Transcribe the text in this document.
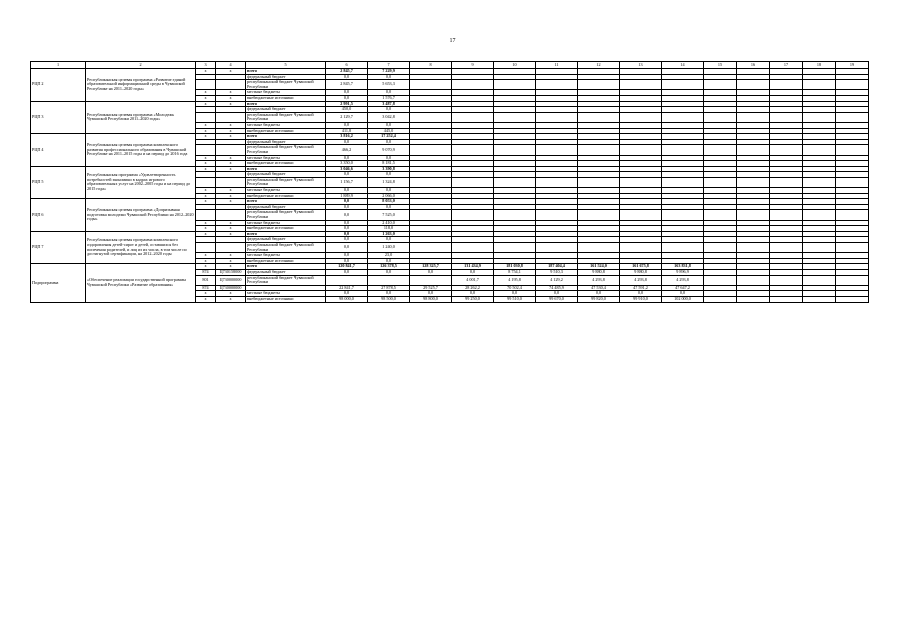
17
1	2	3	4	5	6	7	8	9	10	11	12	13	14	15	16	17	18	19
РЦП 2	Республиканская целевая программа «Развитие единой образовательной информационной среды в Чувашской Республике на 2011–2020 годы»	х	х	всего	2 845,7	7 229,9												
				федеральный бюджет	0,0	0,0												
				республиканский бюджет Чувашской Республики	2 845,7	5 653,3												
		х	х	местные бюджеты	0,0	0,0												
		х	х	внебюджетные источники	0,0	1 576,7												
РЦП 3	Республиканская целевая программа «Молодежь Чувашской Республики 2011–2020 годы»	х	х	всего	2 991,5	3 487,8												
				федеральный бюджет	450,0	0,0												
				республиканский бюджет Чувашской Республики	2 129,7	3 042,8												
		х	х	местные бюджеты	0,0	0,0												
		х	х	внебюджетные источники	411,8	445,0												
РЦП 4	Республиканская целевая программа комплексного развития профессионального образования в Чувашской Республике на 2011–2015 годы и на период до 2016 года	х	х	всего	3 816,2	17 252,4												
				федеральный бюджет	0,0	0,0												
				республиканский бюджет Чувашской Республики	466,2	9 070,9												
		х	х	местные бюджеты	0,0	0,0												
		х	х	внебюджетные источники	3 350,0	8 181,5												
РЦП 5	Республиканская программа «Удовлетворенность потребностей экономики в кадрах игрового образовательных услуг на 2002–2005 годы и на период до 2015 года»	х	х	всего	3 046,6	3 390,8												
				федеральный бюджет	0,0	0,0												
				республиканский бюджет Чувашской Республики	1 156,7	1 324,8												
		х	х	местные бюджеты	0,0	0,0												
		х	х	внебюджетные источники	1 889,9	2 066,0												
РЦП 6	Республиканская целевая программа «Допризывная подготовка молодежи Чувашской Республики на 2012–2020 годы»	х	х	всего	0,0	8 053,0												
				федеральный бюджет	0,0	0,0												
				республиканский бюджет Чувашской Республики	0,0	7 525,0												
		х	х	местные бюджеты	0,0	2 410,0												
		х	х	внебюджетные источники	0,0	118,0												
РЦП 7	Республиканская целевая программа комплексного оздоровления детей-сирот и детей, оставшихся без попечения родителей, и лиц из их числа, в том числе по достигнутой сертификации, на 2012–2020 годы	х	х	всего	0,0	1 263,0												
				федеральный бюджет	0,0	0,0												
				республиканский бюджет Чувашской Республики	0,0	1 240,0												
		х	х	местные бюджеты	0,0	23,0												
		х	х	внебюджетные источники	0,0	0,0												
Подпрограмма	«Обеспечение реализации государственной программы Чувашской Республики «Развитие образования»	х	х	всего	120 841,7	126 378,5	128 325,7	131 434,9	181 030,8	187 404,4	161 524,0	161 675,8	163 831,8					
		874	Ц730158000	федеральный бюджет	0,0	0,0	0,0	0,0	8 754,1	9 510,3	9 880,8	9 880,8	9 896,9					
		801	Ц730000000	республиканский бюджет Чувашской Республики				4 001,7	4 195,8	4 129,2	4 293,8	4 293,8	4 293,8					
		874	Ц730000000		22 841,7	27 878,5	29 525,7	28 262,2	70 502,4	74 485,9	47 530,4	47 591,2	47 647,2					
		х	х	местные бюджеты	0,0	0,0	0,0	0,0	0,0	0,0	0,0	0,0	0,0					
		х	х	внебюджетные источники	98 000,0	98 500,0	98 800,0	99 250,0	99 510,0	99 670,0	99 820,0	99 910,0	102 000,0					
